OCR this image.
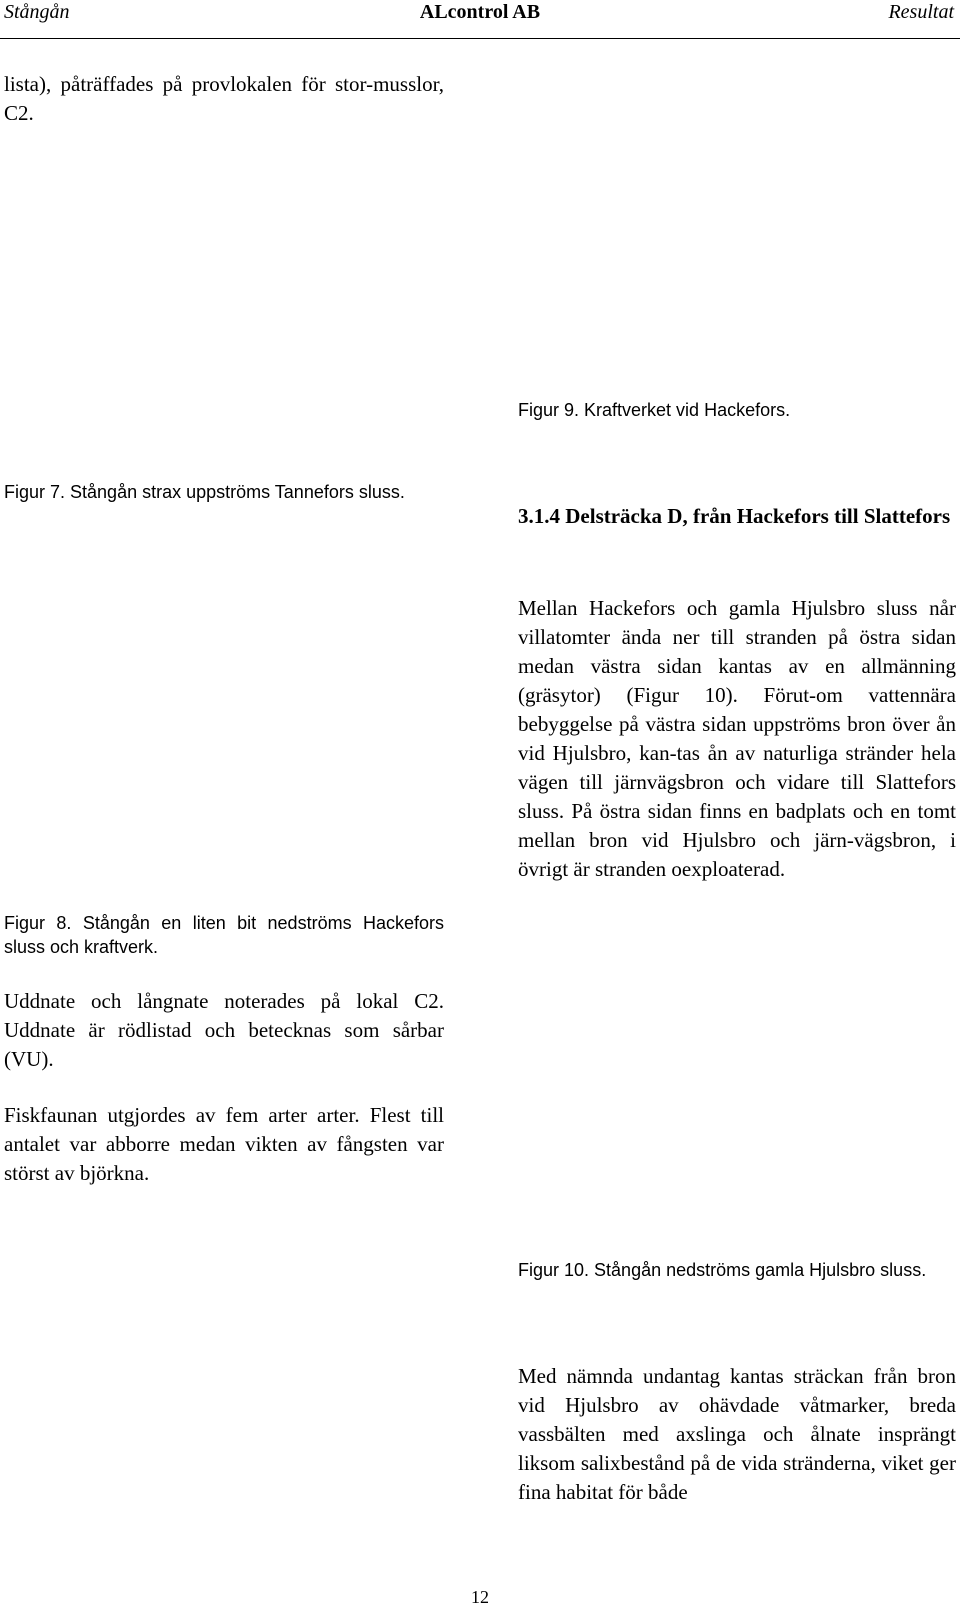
ALcontrol AB
Stångån	Resultat

lista), påträffades på provlokalen för stor-musslor, C2.

Figur 7. Stångån strax uppströms Tannefors sluss.

Figur 8. Stångån en liten bit nedströms Hackefors sluss och kraftverk.

Uddnate och långnate noterades på lokal C2. Uddnate är rödlistad och betecknas som sårbar (VU).

Fiskfaunan utgjordes av fem arter arter. Flest till antalet var abborre medan vikten av fångsten var störst av björkna.

Figur 9. Kraftverket vid Hackefors.

3.1.4 Delsträcka D, från Hackefors till Slattefors

Mellan Hackefors och gamla Hjulsbro sluss når villatomter ända ner till stranden på östra sidan medan västra sidan kantas av en allmänning (gräsytor) (Figur 10). Förut-om vattennära bebyggelse på västra sidan uppströms bron över ån vid Hjulsbro, kan-tas ån av naturliga stränder hela vägen till järnvägsbron och vidare till Slattefors sluss. På östra sidan finns en badplats och en tomt mellan bron vid Hjulsbro och järn-vägsbron, i övrigt är stranden oexploaterad.

Figur 10. Stångån nedströms gamla Hjulsbro sluss.

Med nämnda undantag kantas sträckan från bron vid Hjulsbro av ohävdade våtmarker, breda vassbälten med axslinga och ålnate insprängt liksom salixbestånd på de vida stränderna, viket ger fina habitat för både

12
